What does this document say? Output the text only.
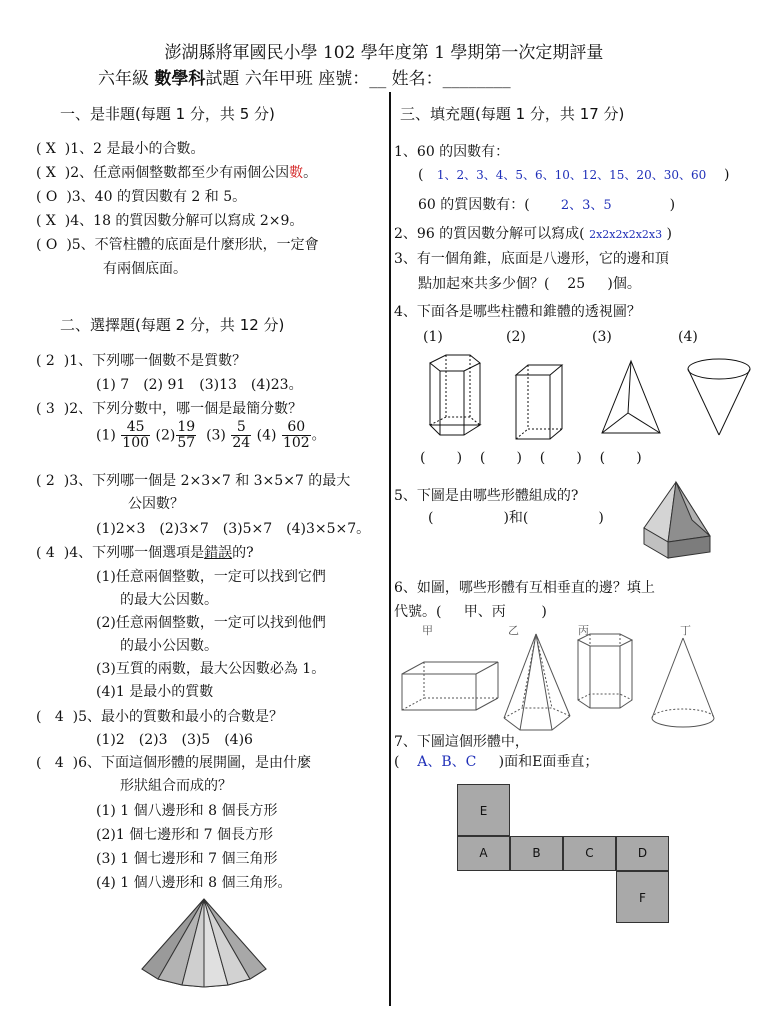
澎湖縣將軍國民小學 102 學年度第 1 學期第一次定期評量
六年級 數學科試題 六年甲班 座號：__ 姓名：________
一、是非題(每題 1 分，共 5 分)
( X )1、2 是最小的合數。
( X )2、任意兩個整數都至少有兩個公因數。
( O )3、40 的質因數有 2 和 5。
( X )4、18 的質因數分解可以寫成 2×9。
( O )5、不管柱體的底面是什麼形狀，一定會
有兩個底面。
二、選擇題(每題 2 分，共 12 分)
( 2 )1、下列哪一個數不是質數？
(1) 7　(2) 91　(3)13　(4)23。
( 3 )2、下列分數中，哪一個是最簡分數？
$(1) \frac{45}{100} (2) \frac{19}{57} (3) \frac{5}{24} (4) \frac{60}{102}$ 。
( 2 )3、下列哪一個是 2×3×7 和 3×5×7 的最大
公因數？
(1)2×3　(2)3×7　(3)5×7　(4)3×5×7。
( 4 )4、下列哪一個選項是錯誤的?
(1)任意兩個整數，一定可以找到它們
的最大公因數。
(2)任意兩個整數，一定可以找到他們
的最小公因數。
(3)互質的兩數，最大公因數必為 1。
(4)1 是最小的質數
(   4 )5、最小的質數和最小的合數是？
(1)2　(2)3　(3)5　(4)6
(   4 )6、下面這個形體的展開圖，是由什麼
形狀組合而成的？
(1) 1 個八邊形和 8 個長方形
(2)1 個七邊形和 7 個長方形
(3) 1 個七邊形和 7 個三角形
(4) 1 個八邊形和 8 個三角形。
三、填充題(每題 1 分，共 17 分)
1、60 的因數有：
(   1、2、3、4、5、6、10、12、15、20、30、60    )
60 的質因數有：( 2、3、5             )
2、96 的質因數分解可以寫成( 2x2x2x2x2x3 )
3、有一個角錐，底面是八邊形，它的邊和頂
點加起來共多少個？( 25 )個。
4、下面各是哪些柱體和錐體的透視圖？
(1)	(2)	(3)	(4)
(       )    (       )    (       )    (       )
5、下圖是由哪些形體組成的?
(　　　　　)和(　　　　　)
6、如圖，哪些形體有互相垂直的邊？填上
代號。( 甲、丙        )
甲	乙	丙	丁
7、下圖這個形體中，
(    A、B、C )面和E面垂直；
E
A	B	C	D
F
